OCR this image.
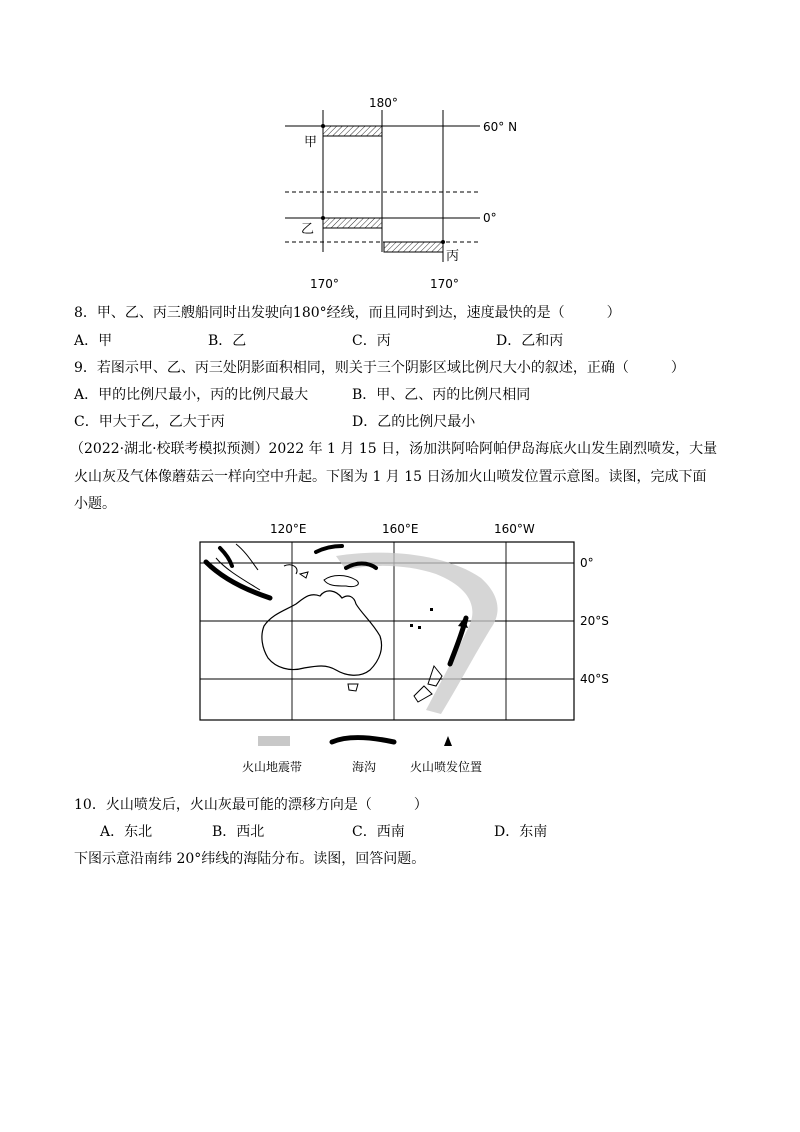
180°
60° N
0°
170°	170°
甲
乙
丙
8．甲、乙、丙三艘船同时出发驶向180°经线，而且同时到达，速度最快的是（　　　）
A．甲	B．乙	C．丙	D．乙和丙
9．若图示甲、乙、丙三处阴影面积相同，则关于三个阴影区域比例尺大小的叙述，正确（　　　）
A．甲的比例尺最小，丙的比例尺最大	B．甲、乙、丙的比例尺相同
C．甲大于乙，乙大于丙	D．乙的比例尺最小
（2022·湖北·校联考模拟预测）2022 年 1 月 15 日，汤加洪阿哈阿帕伊岛海底火山发生剧烈喷发，大量
火山灰及气体像蘑菇云一样向空中升起。下图为 1 月 15 日汤加火山喷发位置示意图。读图，完成下面
小题。
120°E	160°E	160°W
0°
20°S
40°S
火山地震带	海沟	火山喷发位置
10．火山喷发后，火山灰最可能的漂移方向是（　　　）
A．东北	B．西北	C．西南	D．东南
下图示意沿南纬 20°纬线的海陆分布。读图，回答问题。
